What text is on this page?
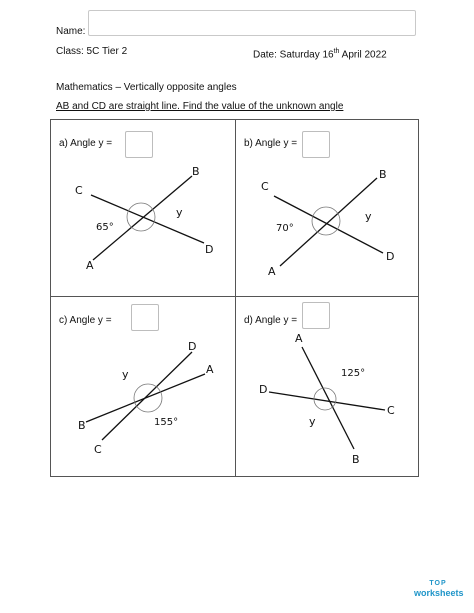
Name:
Class: 5C Tier 2	Date: Saturday 16th April 2022
Mathematics – Vertically opposite angles
AB and CD are straight line. Find the value of the unknown angle
a) Angle y =
A
B
C
D
y
65°
b) Angle y =
A
B
C
D
y
70°
c) Angle y =
B
A
C
D
y
155°
d) Angle y =
A
B
C
D
y
125°
TOP
worksheets
